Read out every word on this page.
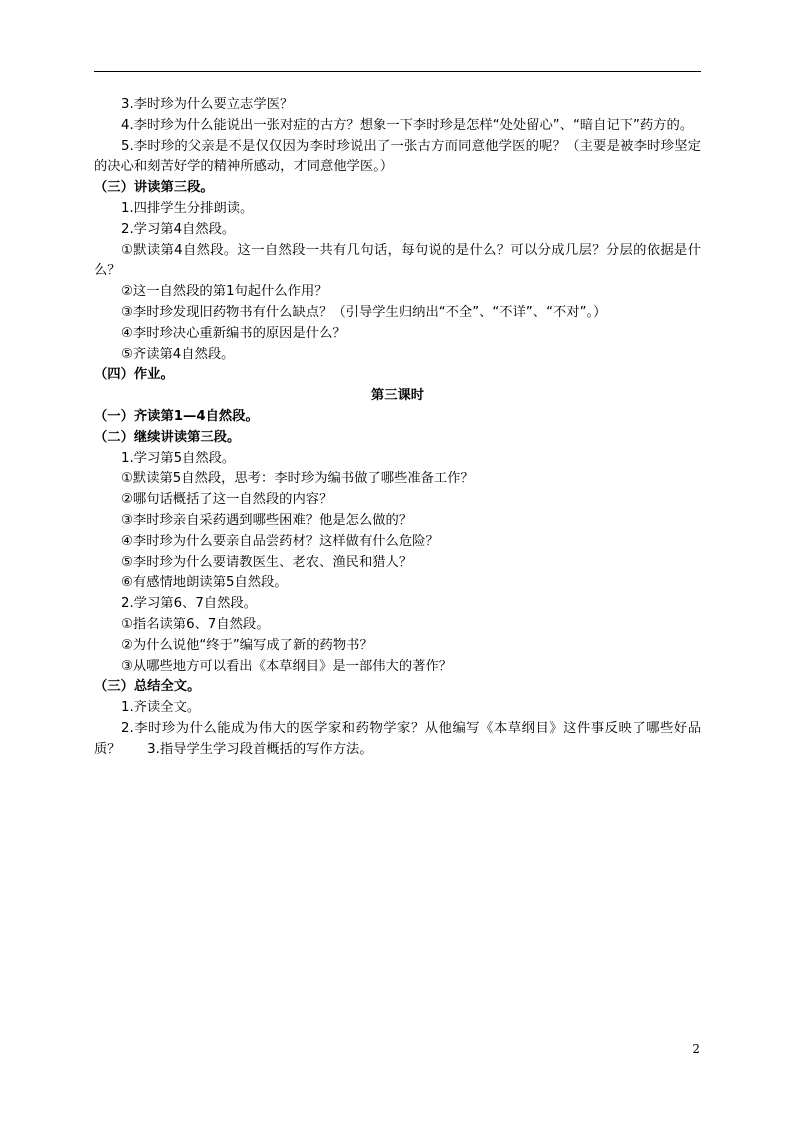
3.李时珍为什么要立志学医？

4.李时珍为什么能说出一张对症的古方？想象一下李时珍是怎样“处处留心”、“暗自记下”药方的。

5.李时珍的父亲是不是仅仅因为李时珍说出了一张古方而同意他学医的呢？（主要是被李时珍坚定的决心和刻苦好学的精神所感动，才同意他学医。）

（三）讲读第三段。

1.四排学生分排朗读。

2.学习第4自然段。

①默读第4自然段。这一自然段一共有几句话，每句说的是什么？可以分成几层？分层的依据是什么？

②这一自然段的第1句起什么作用？

③李时珍发现旧药物书有什么缺点？（引导学生归纳出“不全”、“不详”、“不对”。）

④李时珍决心重新编书的原因是什么？

⑤齐读第4自然段。

（四）作业。

第三课时

（一）齐读第1—4自然段。

（二）继续讲读第三段。

1.学习第5自然段。

①默读第5自然段，思考：李时珍为编书做了哪些准备工作？

②哪句话概括了这一自然段的内容？

③李时珍亲自采药遇到哪些困难？他是怎么做的？

④李时珍为什么要亲自品尝药材？这样做有什么危险？

⑤李时珍为什么要请教医生、老农、渔民和猎人？

⑥有感情地朗读第5自然段。

2.学习第6、7自然段。

①指名读第6、7自然段。

②为什么说他“终于”编写成了新的药物书？

③从哪些地方可以看出《本草纲目》是一部伟大的著作？

（三）总结全文。

1.齐读全文。

2.李时珍为什么能成为伟大的医学家和药物学家？从他编写《本草纲目》这件事反映了哪些好品质？　　3.指导学生学习段首概括的写作方法。

2
